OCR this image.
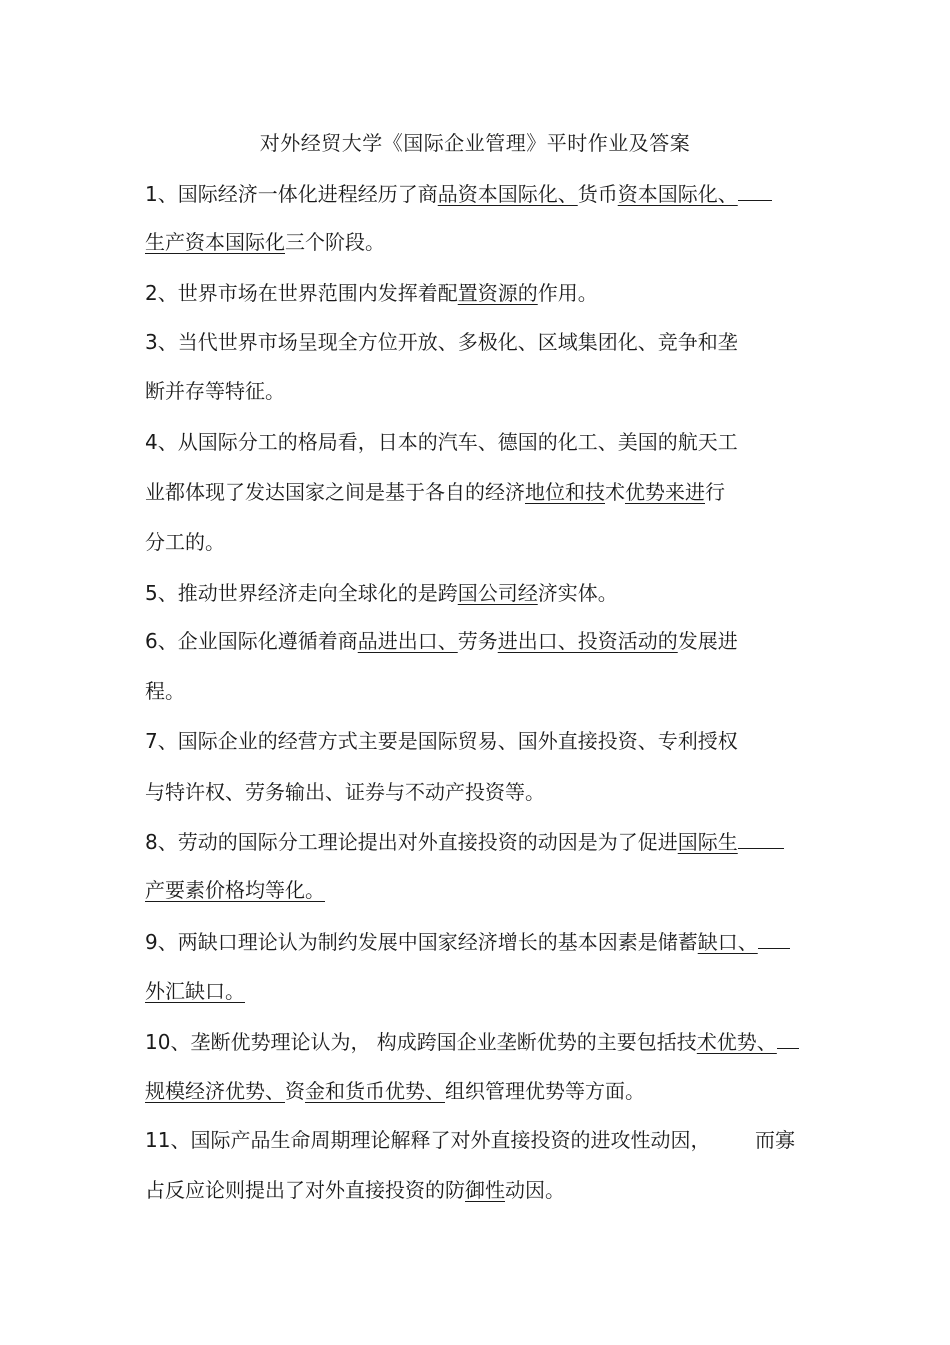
对外经贸大学《国际企业管理》平时作业及答案
1、国际经济一体化进程经历了商品资本国际化、货币资本国际化、
生产资本国际化三个阶段。
2、世界市场在世界范围内发挥着配置资源的作用。
3、当代世界市场呈现全方位开放、多极化、区域集团化、竞争和垄
断并存等特征。
4、从国际分工的格局看，日本的汽车、德国的化工、美国的航天工
业都体现了发达国家之间是基于各自的经济地位和技术优势来进行
分工的。
5、推动世界经济走向全球化的是跨国公司经济实体。
6、企业国际化遵循着商品进出口、劳务进出口、投资活动的发展进
程。
7、国际企业的经营方式主要是国际贸易、国外直接投资、专利授权
与特许权、劳务输出、证券与不动产投资等。
8、劳动的国际分工理论提出对外直接投资的动因是为了促进国际生
产要素价格均等化。
9、两缺口理论认为制约发展中国家经济增长的基本因素是储蓄缺口、
外汇缺口。
10、垄断优势理论认为， 构成跨国企业垄断优势的主要包括技术优势、
规模经济优势、资金和货币优势、组织管理优势等方面。
11、国际产品生命周期理论解释了对外直接投资的进攻性动因，       而寡
占反应论则提出了对外直接投资的防御性动因。
